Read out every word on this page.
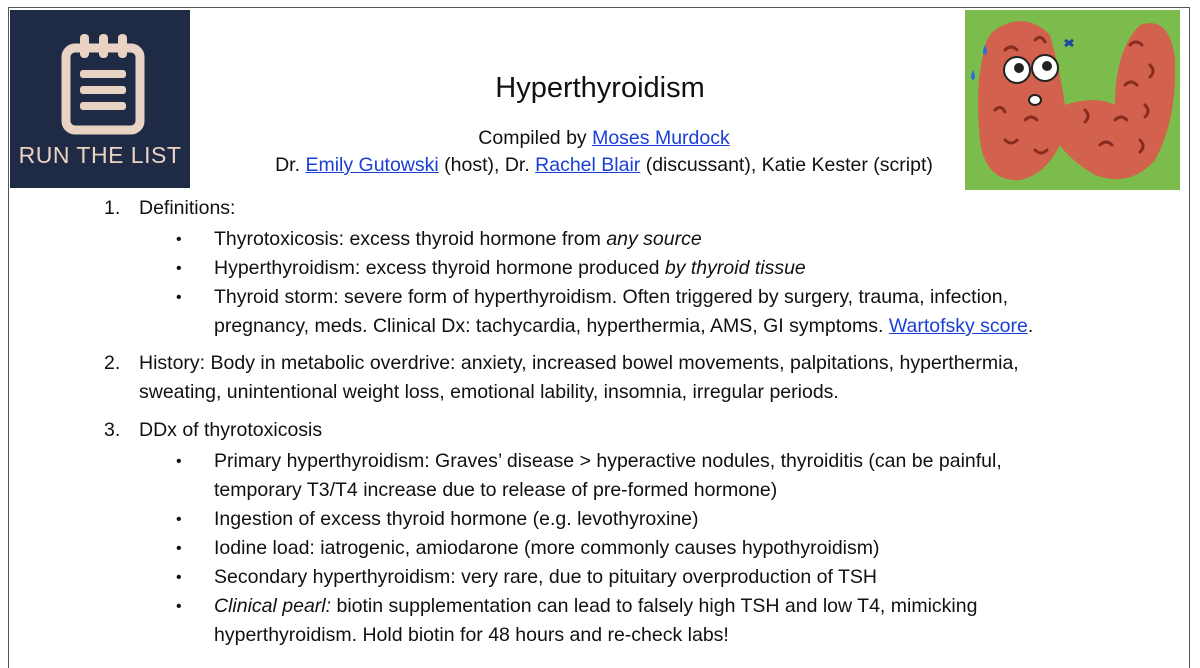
RUN THE LIST
Hyperthyroidism
Compiled by Moses Murdock
Dr. Emily Gutowski (host), Dr. Rachel Blair (discussant), Katie Kester (script)
1. Definitions:
• Thyrotoxicosis: excess thyroid hormone from any source
• Hyperthyroidism: excess thyroid hormone produced by thyroid tissue
• Thyroid storm: severe form of hyperthyroidism. Often triggered by surgery, trauma, infection,
pregnancy, meds. Clinical Dx: tachycardia, hyperthermia, AMS, GI symptoms. Wartofsky score.
2. History: Body in metabolic overdrive: anxiety, increased bowel movements, palpitations, hyperthermia,
sweating, unintentional weight loss, emotional lability, insomnia, irregular periods.
3. DDx of thyrotoxicosis
• Primary hyperthyroidism: Graves’ disease > hyperactive nodules, thyroiditis (can be painful,
temporary T3/T4 increase due to release of pre-formed hormone)
• Ingestion of excess thyroid hormone (e.g. levothyroxine)
• Iodine load: iatrogenic, amiodarone (more commonly causes hypothyroidism)
• Secondary hyperthyroidism: very rare, due to pituitary overproduction of TSH
• Clinical pearl: biotin supplementation can lead to falsely high TSH and low T4, mimicking
hyperthyroidism. Hold biotin for 48 hours and re-check labs!
